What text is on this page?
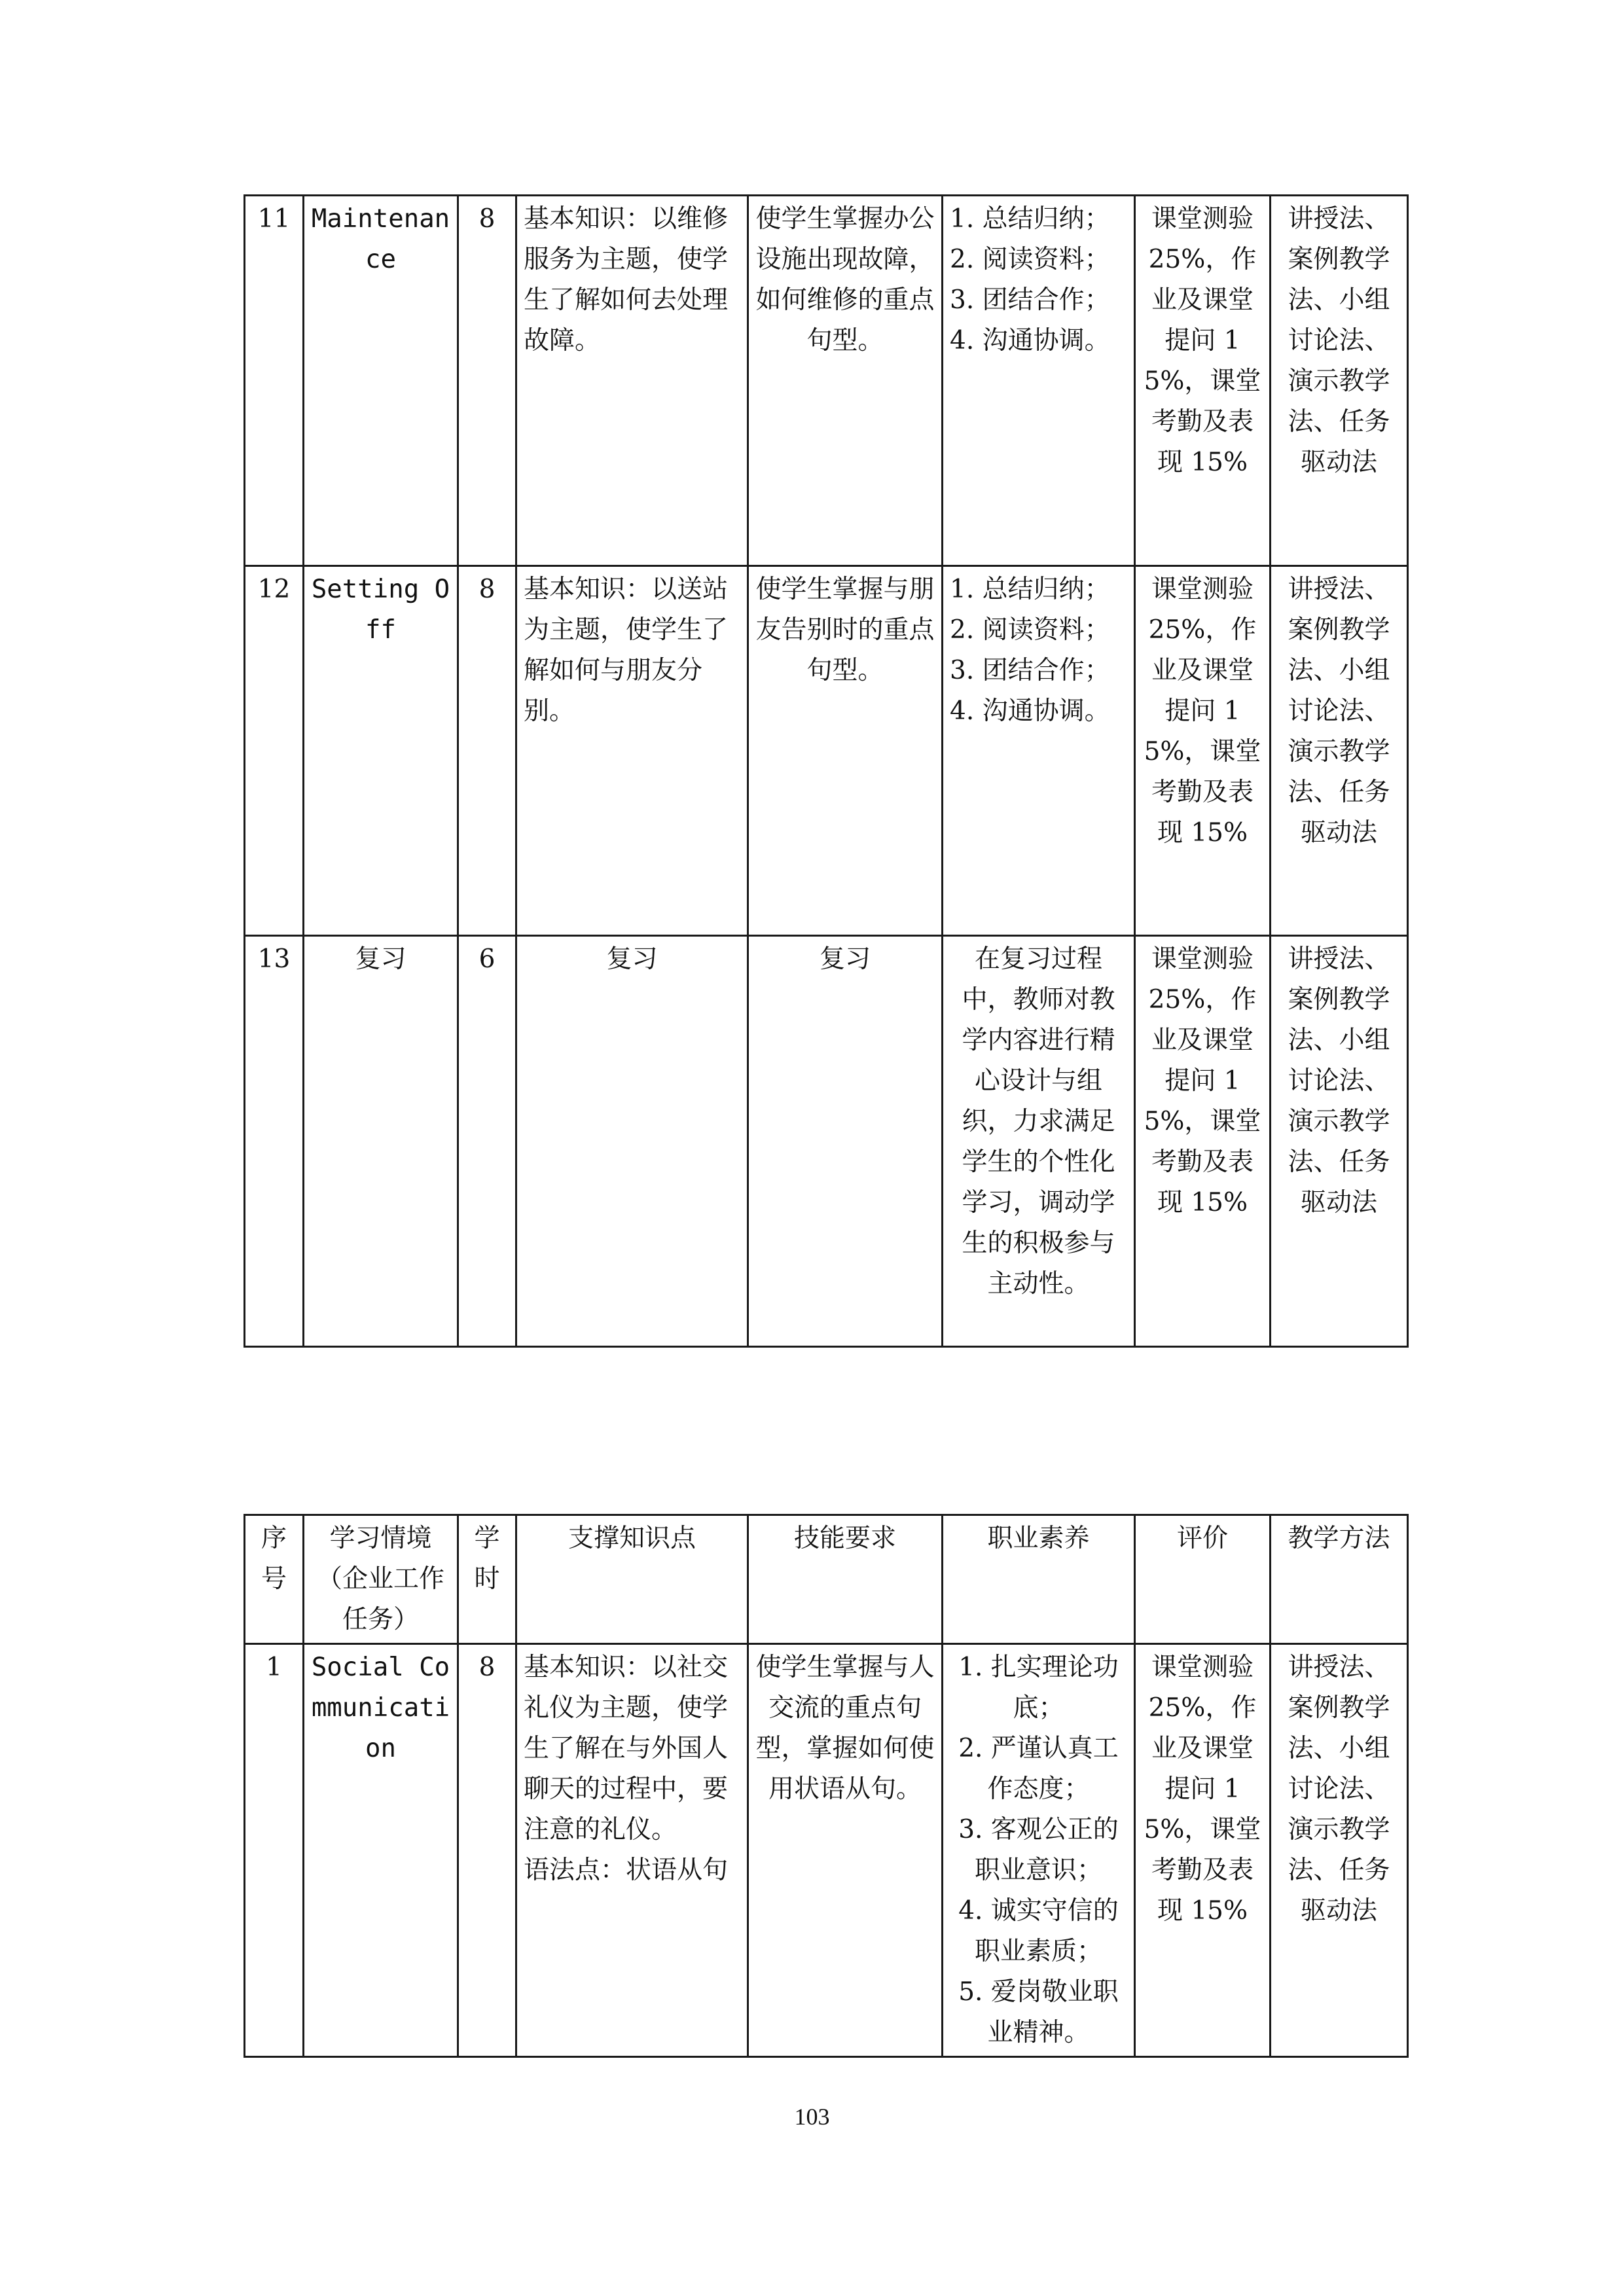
11	Maintenance	8	基本知识：以维修服务为主题，使学生了解如何去处理故障。	使学生掌握办公设施出现故障，如何维修的重点句型。	1. 总结归纳；
2. 阅读资料；
3. 团结合作；
4. 沟通协调。	课堂测验 25%，作业及课堂提问 15%，课堂考勤及表现 15%	讲授法、案例教学法、小组讨论法、演示教学法、任务驱动法
12	Setting Off	8	基本知识：以送站为主题，使学生了解如何与朋友分别。	使学生掌握与朋友告别时的重点句型。	1. 总结归纳；
2. 阅读资料；
3. 团结合作；
4. 沟通协调。	课堂测验 25%，作业及课堂提问 15%，课堂考勤及表现 15%	讲授法、案例教学法、小组讨论法、演示教学法、任务驱动法
13	复习	6	复习	复习	在复习过程中，教师对教学内容进行精心设计与组织，力求满足学生的个性化学习，调动学生的积极参与主动性。	课堂测验 25%，作业及课堂提问 15%，课堂考勤及表现 15%	讲授法、案例教学法、小组讨论法、演示教学法、任务驱动法
序号	学习情境（企业工作任务）	学时	支撑知识点	技能要求	职业素养	评价	教学方法
1	Social Communication	8	基本知识：以社交礼仪为主题，使学生了解在与外国人聊天的过程中，要注意的礼仪。
语法点：状语从句	使学生掌握与人交流的重点句型，掌握如何使用状语从句。	1. 扎实理论功底；
2. 严谨认真工作态度；
3. 客观公正的职业意识；
4. 诚实守信的职业素质；
5. 爱岗敬业职业精神。	课堂测验 25%，作业及课堂提问 15%，课堂考勤及表现 15%	讲授法、案例教学法、小组讨论法、演示教学法、任务驱动法
103
